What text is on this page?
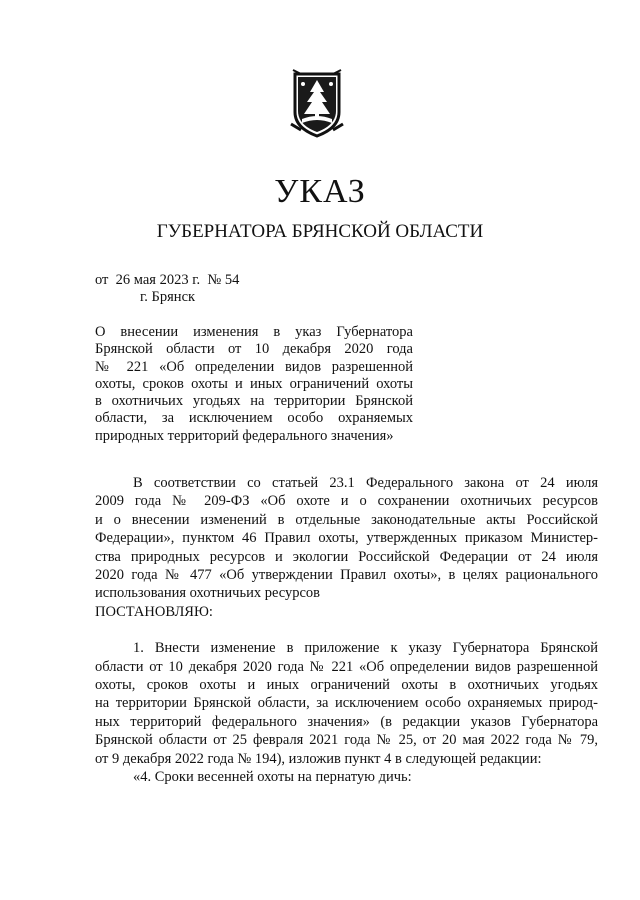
УКАЗ
ГУБЕРНАТОРА БРЯНСКОЙ ОБЛАСТИ
от  26 мая 2023 г.  № 54
г. Брянск
О внесении изменения в указ Губернатора
Брянской области от 10 декабря 2020 года
№ 221 «Об определении видов разрешенной
охоты, сроков охоты и иных ограничений охоты
в охотничьих угодьях на территории Брянской
области, за исключением особо охраняемых
природных территорий федерального значения»
В соответствии со статьей 23.1 Федерального закона от 24 июля
2009 года № 209-ФЗ «Об охоте и о сохранении охотничьих ресурсов
и о внесении изменений в отдельные законодательные акты Российской
Федерации», пунктом 46 Правил охоты, утвержденных приказом Министер-
ства природных ресурсов и экологии Российской Федерации от 24 июля
2020 года № 477 «Об утверждении Правил охоты», в целях рационального
использования охотничьих ресурсов
ПОСТАНОВЛЯЮ:
1. Внести изменение в приложение к указу Губернатора Брянской
области от 10 декабря 2020 года № 221 «Об определении видов разрешенной
охоты, сроков охоты и иных ограничений охоты в охотничьих угодьях
на территории Брянской области, за исключением особо охраняемых природ-
ных территорий федерального значения» (в редакции указов Губернатора
Брянской области от 25 февраля 2021 года № 25, от 20 мая 2022 года № 79,
от 9 декабря 2022 года № 194), изложив пункт 4 в следующей редакции:
«4. Сроки весенней охоты на пернатую дичь:
